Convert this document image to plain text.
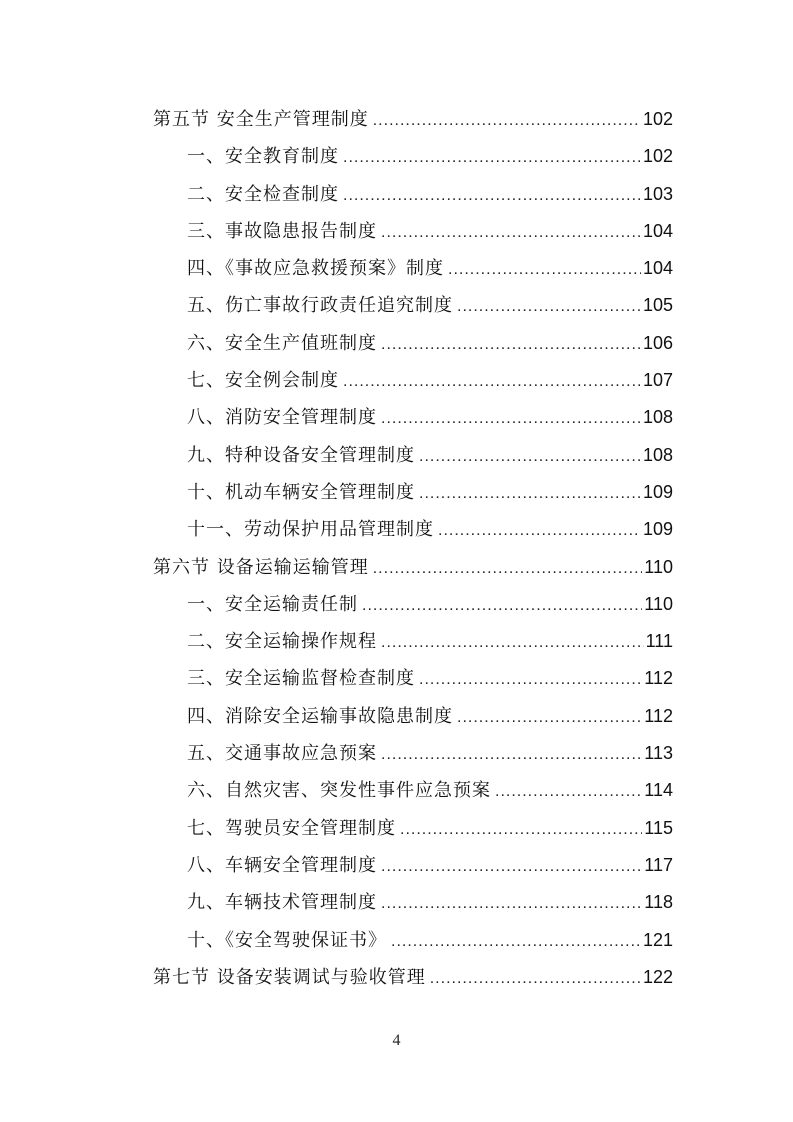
第五节 安全生产管理制度 .....	102
一、安全教育制度 .....	102
二、安全检查制度 .....	103
三、事故隐患报告制度 .....	104
四、《事故应急救援预案》制度 .....	104
五、伤亡事故行政责任追究制度 .....	105
六、安全生产值班制度 .....	106
七、安全例会制度 .....	107
八、消防安全管理制度 .....	108
九、特种设备安全管理制度 .....	108
十、机动车辆安全管理制度 .....	109
十一、劳动保护用品管理制度 .....	109
第六节 设备运输运输管理 .....	110
一、安全运输责任制 .....	110
二、安全运输操作规程 .....	111
三、安全运输监督检查制度 .....	112
四、消除安全运输事故隐患制度 .....	112
五、交通事故应急预案 .....	113
六、自然灾害、突发性事件应急预案 .....	114
七、驾驶员安全管理制度 .....	115
八、车辆安全管理制度 .....	117
九、车辆技术管理制度 .....	118
十、《安全驾驶保证书》 .....	121
第七节 设备安装调试与验收管理 .....	122
4
